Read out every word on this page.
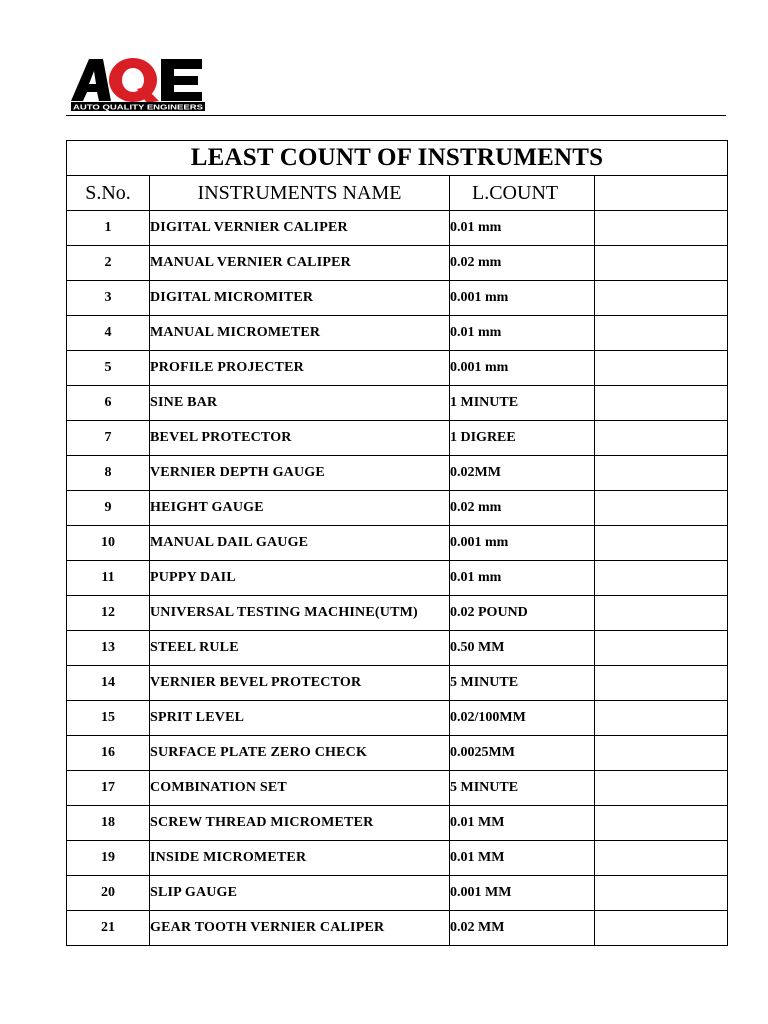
AUTO QUALITY ENGINEERS
LEAST COUNT OF INSTRUMENTS			
S.No.	INSTRUMENTS NAME	L.COUNT	
1	DIGITAL VERNIER CALIPER	0.01 mm	
2	MANUAL VERNIER CALIPER	0.02 mm	
3	DIGITAL MICROMITER	0.001 mm	
4	MANUAL MICROMETER	0.01 mm	
5	PROFILE PROJECTER	0.001 mm	
6	SINE BAR	1 MINUTE	
7	BEVEL PROTECTOR	1 DIGREE	
8	VERNIER DEPTH GAUGE	0.02MM	
9	HEIGHT GAUGE	0.02 mm	
10	MANUAL DAIL GAUGE	0.001 mm	
11	PUPPY DAIL	0.01 mm	
12	UNIVERSAL TESTING MACHINE(UTM)	0.02 POUND	
13	STEEL RULE	0.50 MM	
14	VERNIER BEVEL PROTECTOR	5 MINUTE	
15	SPRIT LEVEL	0.02/100MM	
16	SURFACE PLATE ZERO CHECK	0.0025MM	
17	COMBINATION SET	5 MINUTE	
18	SCREW THREAD MICROMETER	0.01 MM	
19	INSIDE MICROMETER	0.01 MM	
20	SLIP GAUGE	0.001 MM	
21	GEAR TOOTH VERNIER CALIPER	0.02 MM	
